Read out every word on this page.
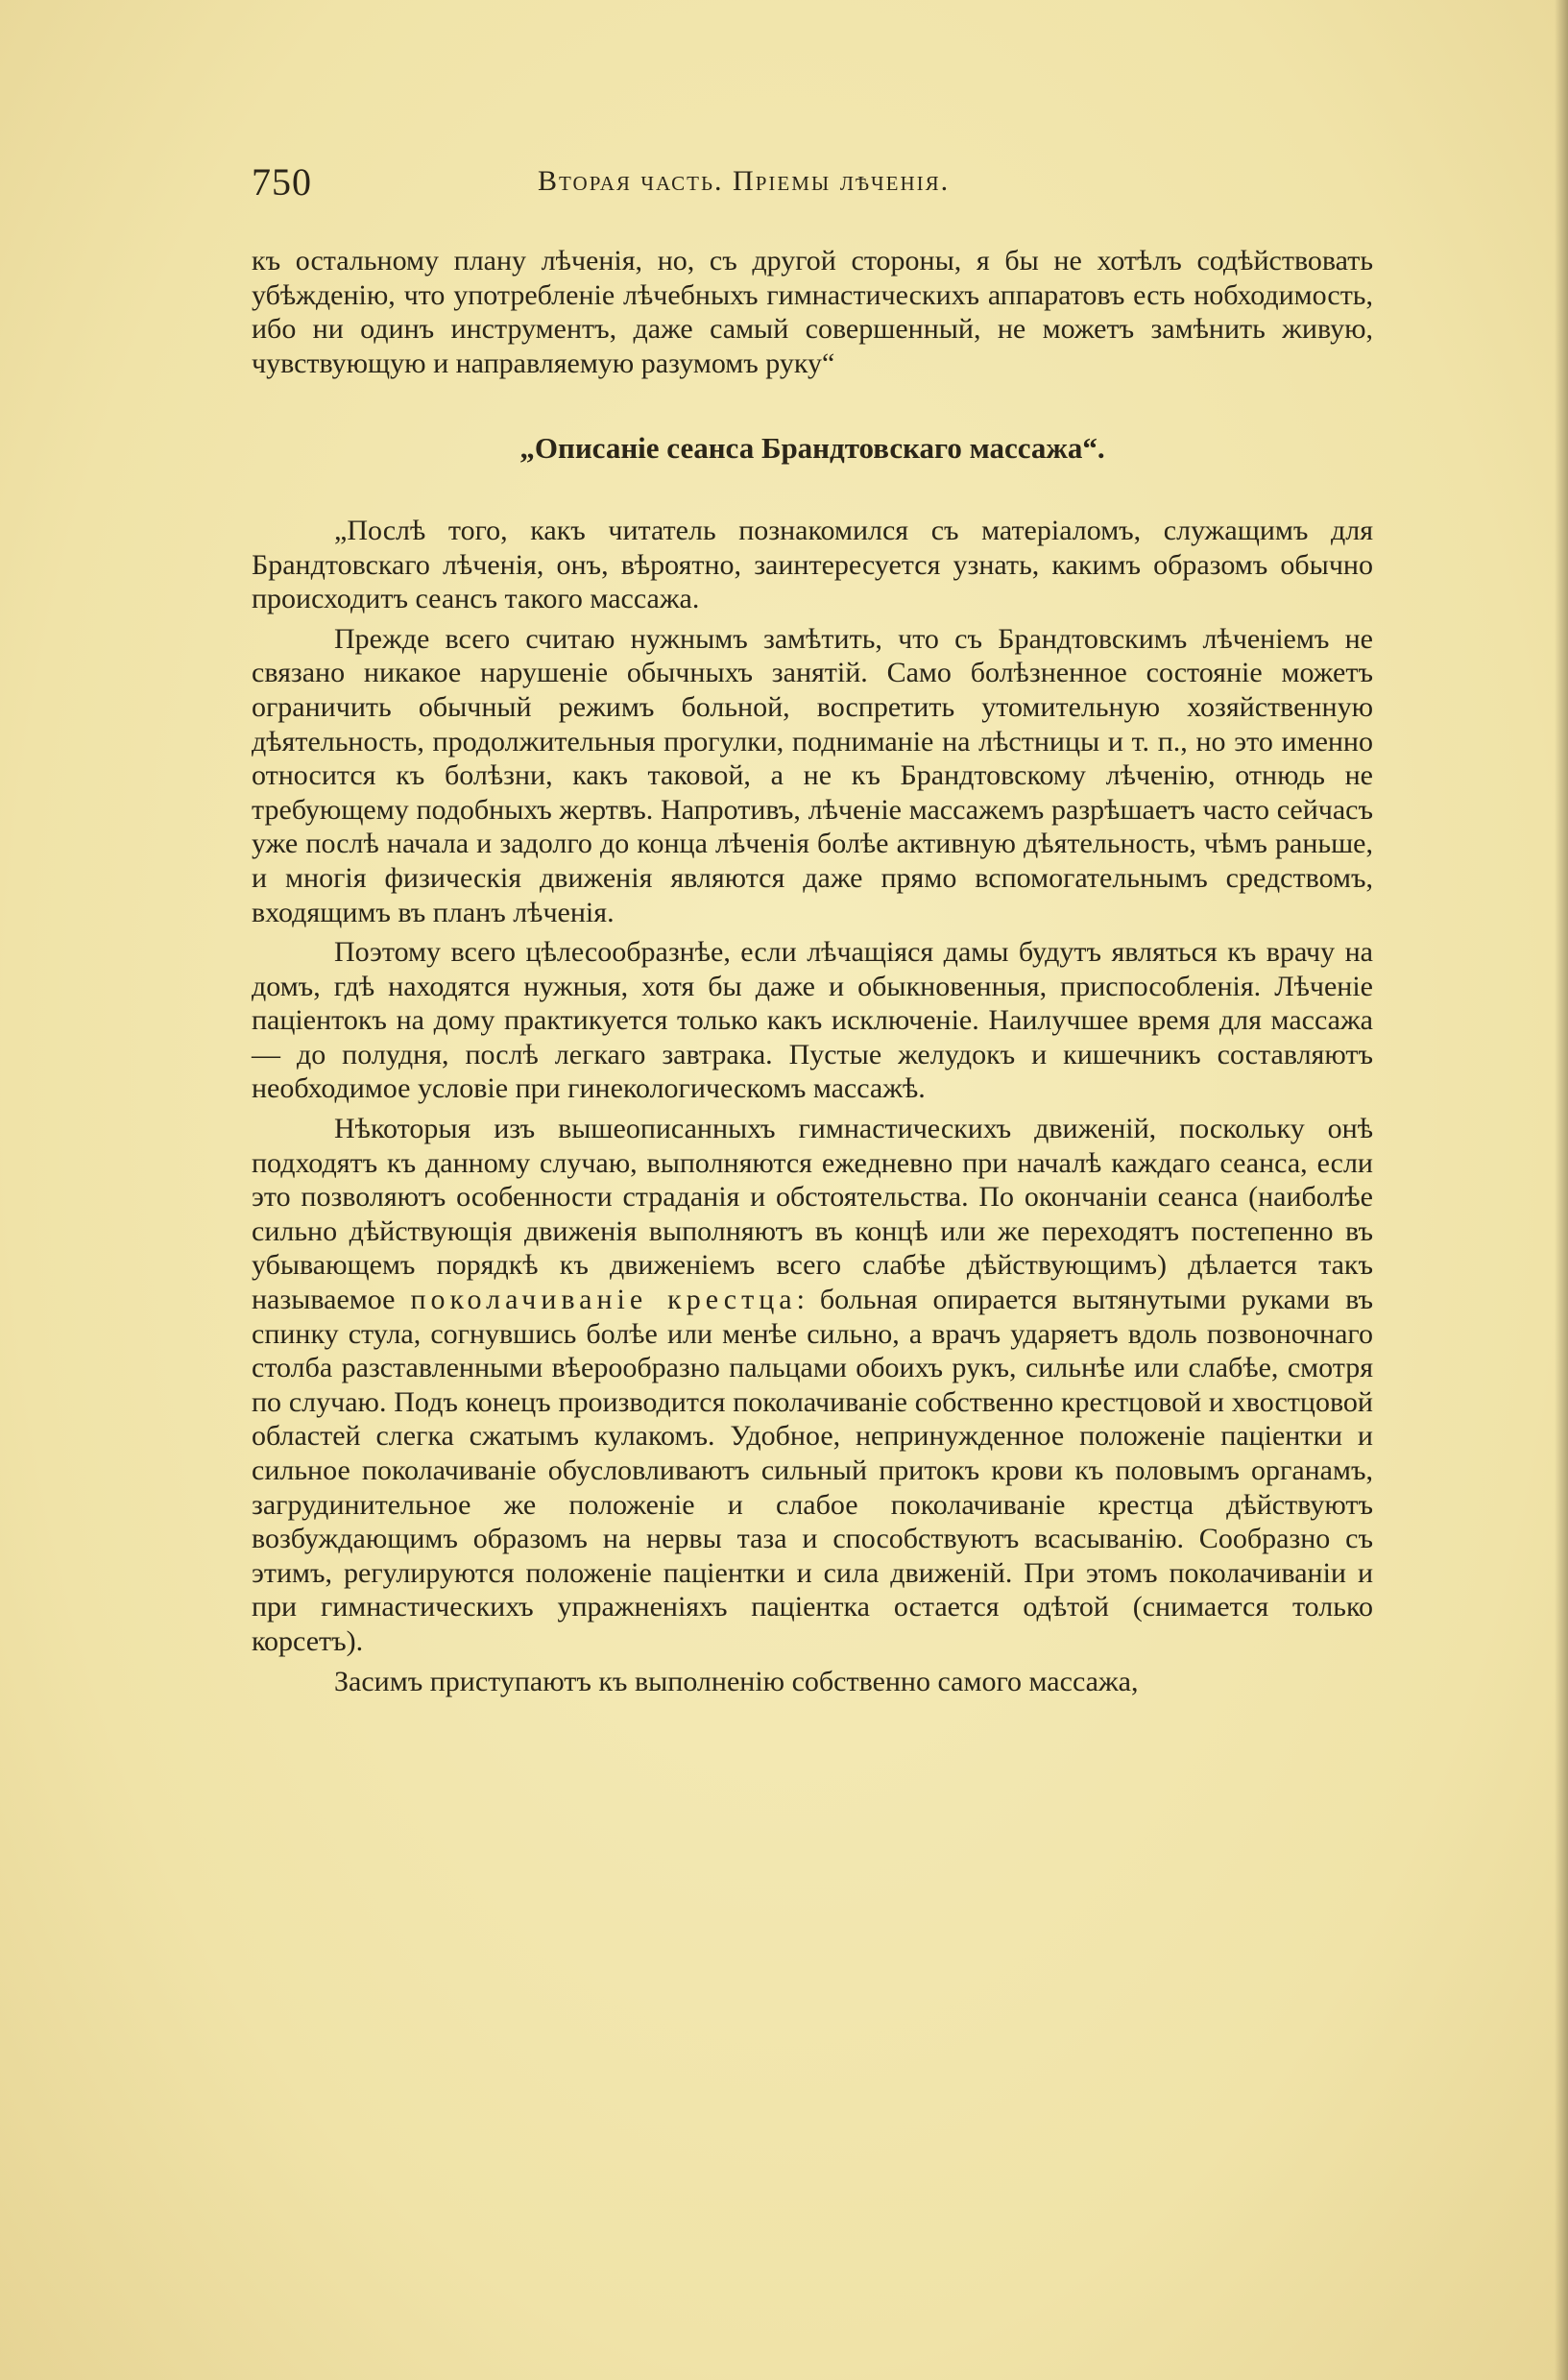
750	Вторая часть. Пріемы лѣченія.

къ остальному плану лѣченія, но, съ другой стороны, я бы не хотѣлъ содѣйствовать убѣжденію, что употребленіе лѣчебныхъ гимнастическихъ аппаратовъ есть нобходимость, ибо ни одинъ инструментъ, даже самый совершенный, не можетъ замѣнить живую, чувствующую и направляемую разумомъ руку“

„Описаніе сеанса Брандтовскаго массажа“.

„Послѣ того, какъ читатель познакомился съ матеріаломъ, служащимъ для Брандтовскаго лѣченія, онъ, вѣроятно, заинтересуется узнать, какимъ образомъ обычно происходитъ сеансъ такого массажа.

Прежде всего считаю нужнымъ замѣтить, что съ Брандтовскимъ лѣченіемъ не связано никакое нарушеніе обычныхъ занятій. Само болѣзненное состояніе можетъ ограничить обычный режимъ больной, воспретить утомительную хозяйственную дѣятельность, продолжительныя прогулки, подниманіе на лѣстницы и т. п., но это именно относится къ болѣзни, какъ таковой, а не къ Брандтовскому лѣченію, отнюдь не требующему подобныхъ жертвъ. Напротивъ, лѣченіе массажемъ разрѣшаетъ часто сейчасъ уже послѣ начала и задолго до конца лѣченія болѣе активную дѣятельность, чѣмъ раньше, и многія физическія движенія являются даже прямо вспомогательнымъ средствомъ, входящимъ въ планъ лѣченія.

Поэтому всего цѣлесообразнѣе, если лѣчащіяся дамы будутъ являться къ врачу на домъ, гдѣ находятся нужныя, хотя бы даже и обыкновенныя, приспособленія. Лѣченіе паціентокъ на дому практикуется только какъ исключеніе. Наилучшее время для массажа — до полудня, послѣ легкаго завтрака. Пустые желудокъ и кишечникъ составляютъ необходимое условіе при гинекологическомъ массажѣ.

Нѣкоторыя изъ вышеописанныхъ гимнастическихъ движеній, поскольку онѣ подходятъ къ данному случаю, выполняются ежедневно при началѣ каждаго сеанса, если это позволяютъ особенности страданія и обстоятельства. По окончаніи сеанса (наиболѣе сильно дѣйствующія движенія выполняютъ въ концѣ или же переходятъ постепенно въ убывающемъ порядкѣ къ движеніемъ всего слабѣе дѣйствующимъ) дѣлается такъ называемое поколачиваніе крестца: больная опирается вытянутыми руками въ спинку стула, согнувшись болѣе или менѣе сильно, а врачъ ударяетъ вдоль позвоночнаго столба разставленными вѣерообразно пальцами обоихъ рукъ, сильнѣе или слабѣе, смотря по случаю. Подъ конецъ производится поколачиваніе собственно крестцовой и хвостцовой областей слегка сжатымъ кулакомъ. Удобное, непринужденное положеніе паціентки и сильное поколачиваніе обусловливаютъ сильный притокъ крови къ половымъ органамъ, загрудинительное же положеніе и слабое поколачиваніе крестца дѣйствуютъ возбуждающимъ образомъ на нервы таза и способствуютъ всасыванію. Сообразно съ этимъ, регулируются положеніе паціентки и сила движеній. При этомъ поколачиваніи и при гимнастическихъ упражненіяхъ паціентка остается одѣтой (снимается только корсетъ).

Засимъ приступаютъ къ выполненію собственно самого массажа,
